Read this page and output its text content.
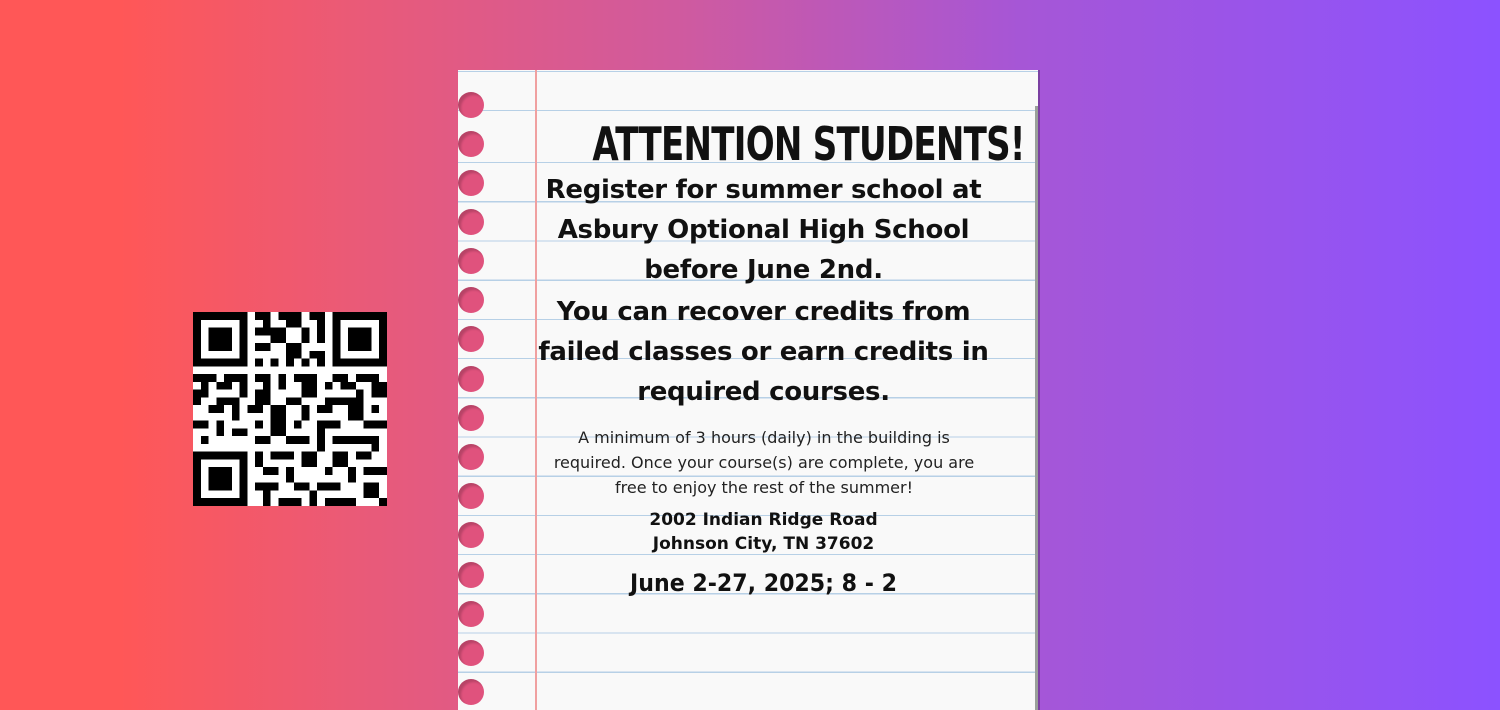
ATTENTION STUDENTS!
Register for summer school at
Asbury Optional High School
before June 2nd.
You can recover credits from
failed classes or earn credits in
required courses.
A minimum of 3 hours (daily) in the building is
required. Once your course(s) are complete, you are
free to enjoy the rest of the summer!
2002 Indian Ridge Road
Johnson City, TN 37602
June 2-27, 2025; 8 - 2
